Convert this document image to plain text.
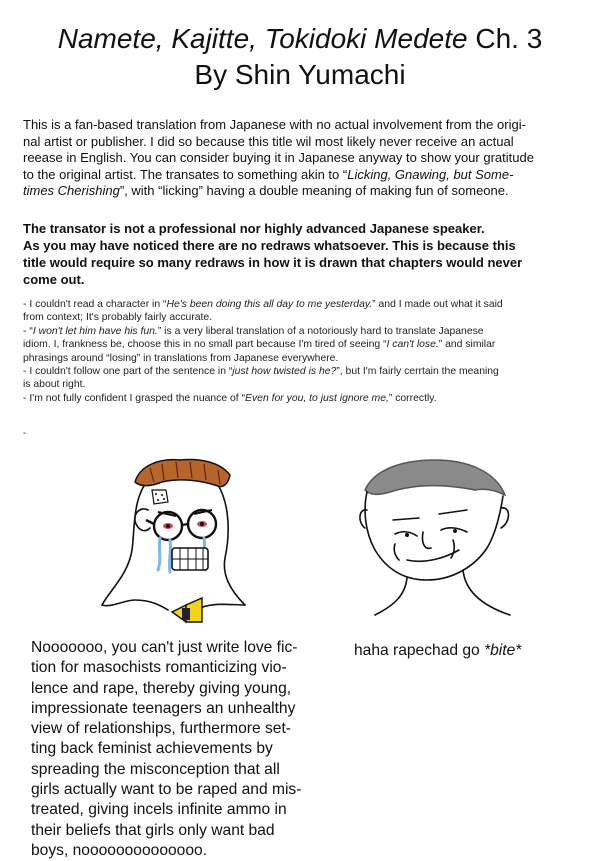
Namete, Kajitte, Tokidoki Medete Ch. 3
By Shin Yumachi
This is a fan-based translation from Japanese with no actual involvement from the origi-
nal artist or publisher. I did so because this title wil most likely never receive an actual
reease in English. You can consider buying it in Japanese anyway to show your gratitude
to the original artist. The transates to something akin to “Licking, Gnawing, but Some-
times Cherishing”, with “licking” having a double meaning of making fun of someone.
The transator is not a professional nor highly advanced Japanese speaker.
As you may have noticed there are no redraws whatsoever. This is because this
title would require so many redraws in how it is drawn that chapters would never
come out.

- I couldn't read a character in “He's been doing this all day to me yesterday.” and I made out what it said

from context; It's probably fairly accurate.

- “I won't let him have his fun.” is a very liberal translation of a notoriously hard to translate Japanese

idiom. I, frankness be, choose this in no small part because I'm tired of seeing “I can't lose.” and similar

phrasings around “losing” in translations from Japanese everywhere.

- I couldn't follow one part of the sentence in “just how twisted is he?”, but I'm fairly cerrtain the meaning

is about right.

- I'm not fully confident I grasped the nuance of “Even for you, to just ignore me,” correctly.

-
Nooooooo, you can't just write love fic-
tion for masochists romanticizing vio-
lence and rape, thereby giving young,
impressionate teenagers an unhealthy
view of relationships, furthermore set-
ting back feminist achievements by
spreading the misconception that all
girls actually want to be raped and mis-
treated, giving incels infinite ammo in
their beliefs that girls only want bad
boys, noooooooooooooo.
haha rapechad go *bite*
